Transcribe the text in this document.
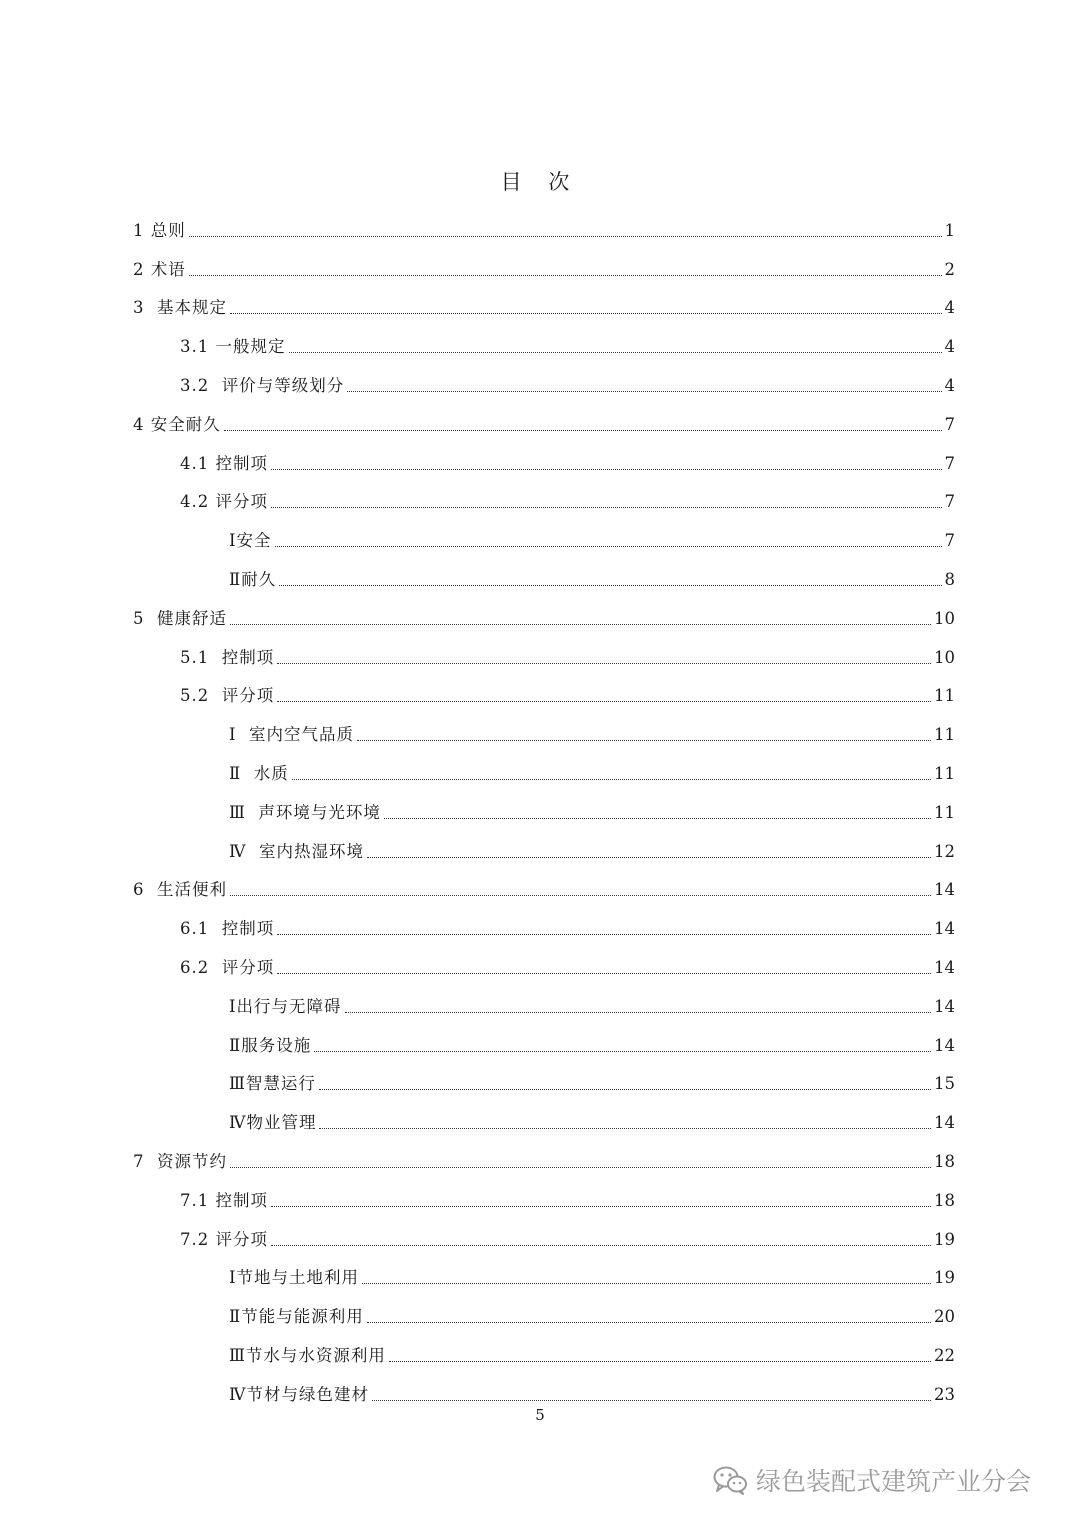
目 次
1 总则	1
2 术语	2
3  基本规定	4
3.1 一般规定	4
3.2  评价与等级划分	4
4 安全耐久	7
4.1 控制项	7
4.2 评分项	7
Ⅰ安全	7
Ⅱ耐久	8
5  健康舒适	10
5.1  控制项	10
5.2  评分项	11
Ⅰ  室内空气品质	11
Ⅱ  水质	11
Ⅲ  声环境与光环境	11
Ⅳ  室内热湿环境	12
6  生活便利	14
6.1  控制项	14
6.2  评分项	14
Ⅰ出行与无障碍	14
Ⅱ服务设施	14
Ⅲ智慧运行	15
Ⅳ物业管理	14
7  资源节约	18
7.1 控制项	18
7.2 评分项	19
Ⅰ节地与土地利用	19
Ⅱ节能与能源利用	20
Ⅲ节水与水资源利用	22
Ⅳ节材与绿色建材	23
5
绿色装配式建筑产业分会
